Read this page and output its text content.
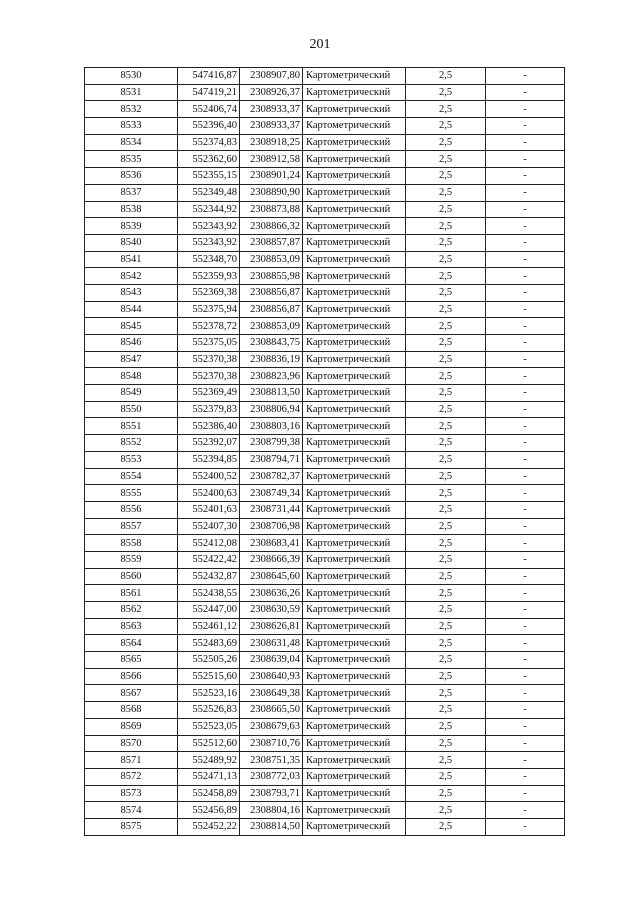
201
8530	547416,87	2308907,80	Картометрический	2,5	-
8531	547419,21	2308926,37	Картометрический	2,5	-
8532	552406,74	2308933,37	Картометрический	2,5	-
8533	552396,40	2308933,37	Картометрический	2,5	-
8534	552374,83	2308918,25	Картометрический	2,5	-
8535	552362,60	2308912,58	Картометрический	2,5	-
8536	552355,15	2308901,24	Картометрический	2,5	-
8537	552349,48	2308890,90	Картометрический	2,5	-
8538	552344,92	2308873,88	Картометрический	2,5	-
8539	552343,92	2308866,32	Картометрический	2,5	-
8540	552343,92	2308857,87	Картометрический	2,5	-
8541	552348,70	2308853,09	Картометрический	2,5	-
8542	552359,93	2308855,98	Картометрический	2,5	-
8543	552369,38	2308856,87	Картометрический	2,5	-
8544	552375,94	2308856,87	Картометрический	2,5	-
8545	552378,72	2308853,09	Картометрический	2,5	-
8546	552375,05	2308843,75	Картометрический	2,5	-
8547	552370,38	2308836,19	Картометрический	2,5	-
8548	552370,38	2308823,96	Картометрический	2,5	-
8549	552369,49	2308813,50	Картометрический	2,5	-
8550	552379,83	2308806,94	Картометрический	2,5	-
8551	552386,40	2308803,16	Картометрический	2,5	-
8552	552392,07	2308799,38	Картометрический	2,5	-
8553	552394,85	2308794,71	Картометрический	2,5	-
8554	552400,52	2308782,37	Картометрический	2,5	-
8555	552400,63	2308749,34	Картометрический	2,5	-
8556	552401,63	2308731,44	Картометрический	2,5	-
8557	552407,30	2308706,98	Картометрический	2,5	-
8558	552412,08	2308683,41	Картометрический	2,5	-
8559	552422,42	2308666,39	Картометрический	2,5	-
8560	552432,87	2308645,60	Картометрический	2,5	-
8561	552438,55	2308636,26	Картометрический	2,5	-
8562	552447,00	2308630,59	Картометрический	2,5	-
8563	552461,12	2308626,81	Картометрический	2,5	-
8564	552483,69	2308631,48	Картометрический	2,5	-
8565	552505,26	2308639,04	Картометрический	2,5	-
8566	552515,60	2308640,93	Картометрический	2,5	-
8567	552523,16	2308649,38	Картометрический	2,5	-
8568	552526,83	2308665,50	Картометрический	2,5	-
8569	552523,05	2308679,63	Картометрический	2,5	-
8570	552512,60	2308710,76	Картометрический	2,5	-
8571	552489,92	2308751,35	Картометрический	2,5	-
8572	552471,13	2308772,03	Картометрический	2,5	-
8573	552458,89	2308793,71	Картометрический	2,5	-
8574	552456,89	2308804,16	Картометрический	2,5	-
8575	552452,22	2308814,50	Картометрический	2,5	-
